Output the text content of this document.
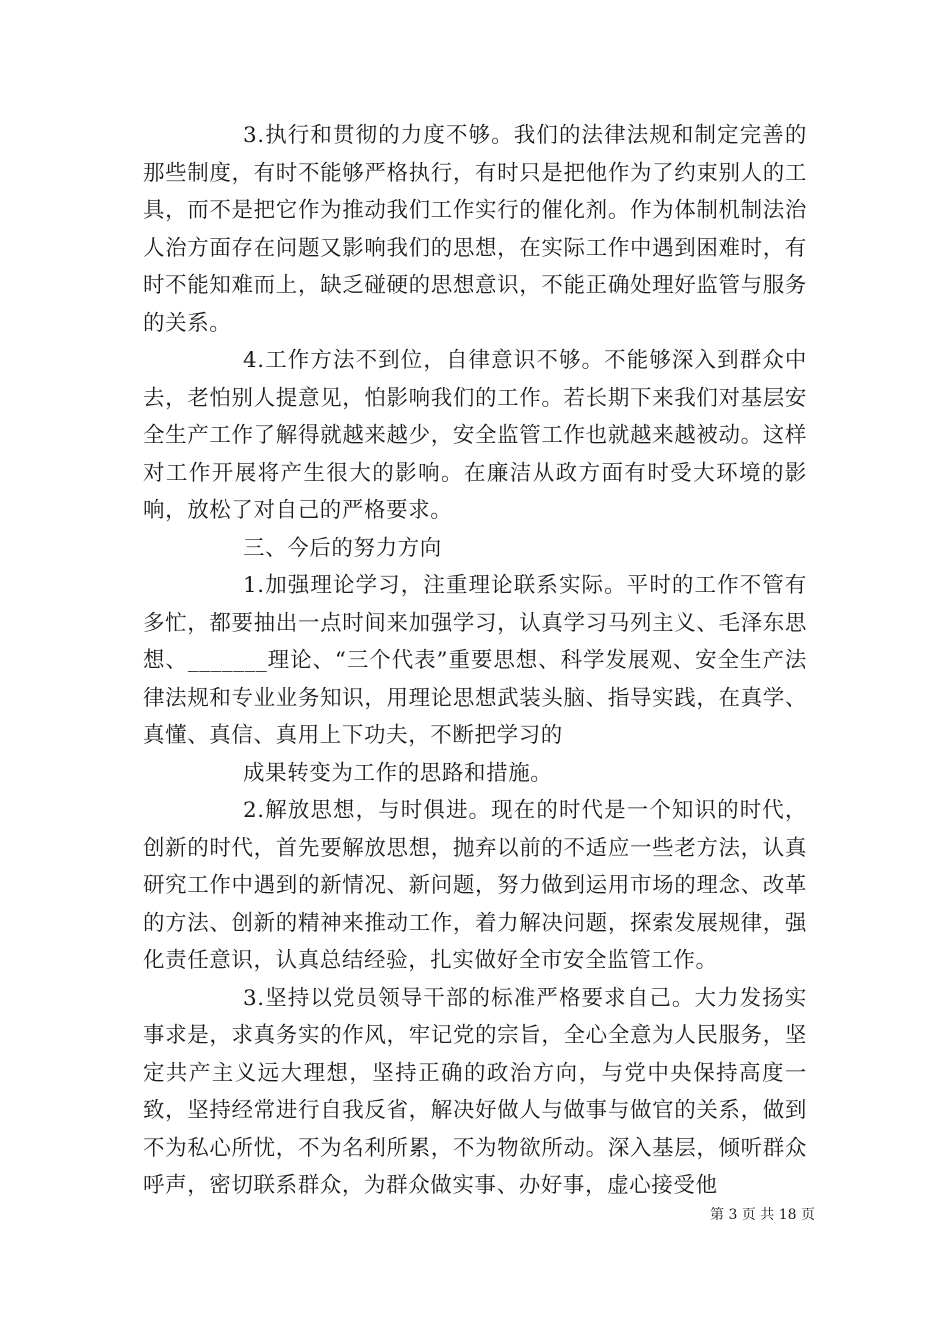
3.执行和贯彻的力度不够。我们的法律法规和制定完善的那些制度，有时不能够严格执行，有时只是把他作为了约束别人的工具，而不是把它作为推动我们工作实行的催化剂。作为体制机制法治人治方面存在问题又影响我们的思想，在实际工作中遇到困难时，有时不能知难而上，缺乏碰硬的思想意识，不能正确处理好监管与服务的关系。

4.工作方法不到位，自律意识不够。不能够深入到群众中去，老怕别人提意见，怕影响我们的工作。若长期下来我们对基层安全生产工作了解得就越来越少，安全监管工作也就越来越被动。这样对工作开展将产生很大的影响。在廉洁从政方面有时受大环境的影响，放松了对自己的严格要求。

三、今后的努力方向

1.加强理论学习，注重理论联系实际。平时的工作不管有多忙，都要抽出一点时间来加强学习，认真学习马列主义、毛泽东思想、_______理论、“三个代表”重要思想、科学发展观、安全生产法律法规和专业业务知识，用理论思想武装头脑、指导实践，在真学、真懂、真信、真用上下功夫，不断把学习的

成果转变为工作的思路和措施。

2.解放思想，与时俱进。现在的时代是一个知识的时代，创新的时代，首先要解放思想，抛弃以前的不适应一些老方法，认真研究工作中遇到的新情况、新问题，努力做到运用市场的理念、改革的方法、创新的精神来推动工作，着力解决问题，探索发展规律，强化责任意识，认真总结经验，扎实做好全市安全监管工作。

3.坚持以党员领导干部的标准严格要求自己。大力发扬实事求是，求真务实的作风，牢记党的宗旨，全心全意为人民服务，坚定共产主义远大理想，坚持正确的政治方向，与党中央保持高度一致，坚持经常进行自我反省，解决好做人与做事与做官的关系，做到不为私心所忧，不为名利所累，不为物欲所动。深入基层，倾听群众呼声，密切联系群众，为群众做实事、办好事，虚心接受他

第 3 页 共 18 页
